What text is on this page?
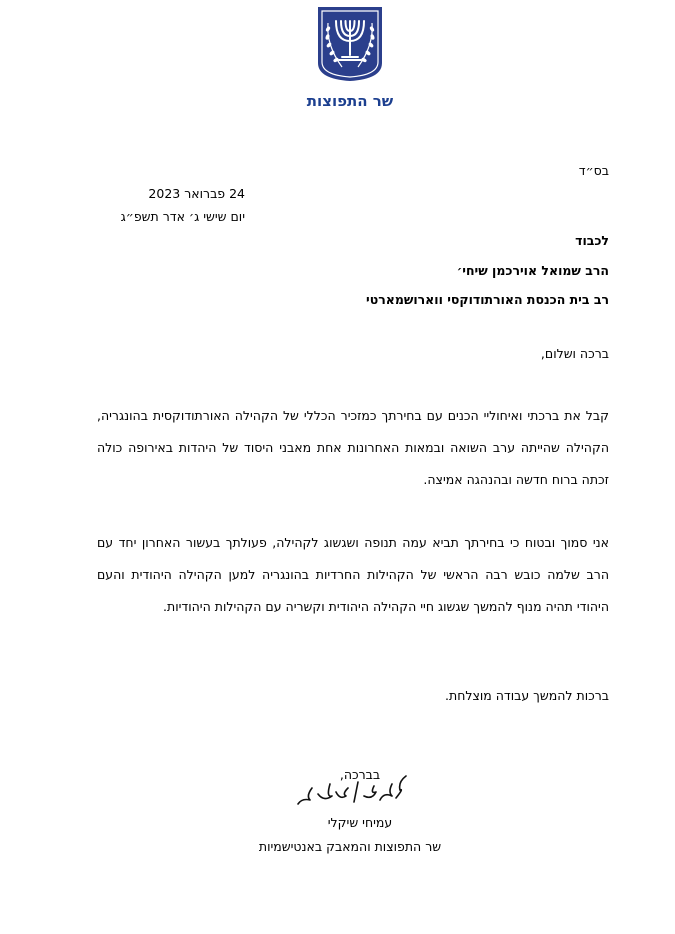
שר התפוצות
בס״ד
24 פברואר 2023
יום שישי ג׳ אדר תשפ״ג
לכבוד
הרב שמואל אוירכמן שיחי׳
רב בית הכנסת האורתודוקסי ווארושמארטי
ברכה ושלום,
קבל את ברכתי ואיחוליי הכנים עם בחירתך כמזכיר הכללי של הקהילה האורתודוקסית בהונגריה, הקהילה שהייתה ערב השואה ובמאות האחרונות אחת מאבני היסוד של היהדות באירופה כולה זכתה ברוח חדשה ובהנהגה אמיצה.
אני סמוך ובטוח כי בחירתך תביא עמה תנופה ושגשוג לקהילה, פעולתך בעשור האחרון יחד עם הרב שלמה כובש רבה הראשי של הקהילות החרדיות בהונגריה למען הקהילה היהודית והעם היהודי תהיה מנוף להמשך שגשוג חיי הקהילה היהודית וקשריה עם הקהילות היהודיות.
ברכות להמשך עבודה מוצלחת.
בברכה,
עמיחי שיקלי
שר התפוצות והמאבק באנטישמיות
